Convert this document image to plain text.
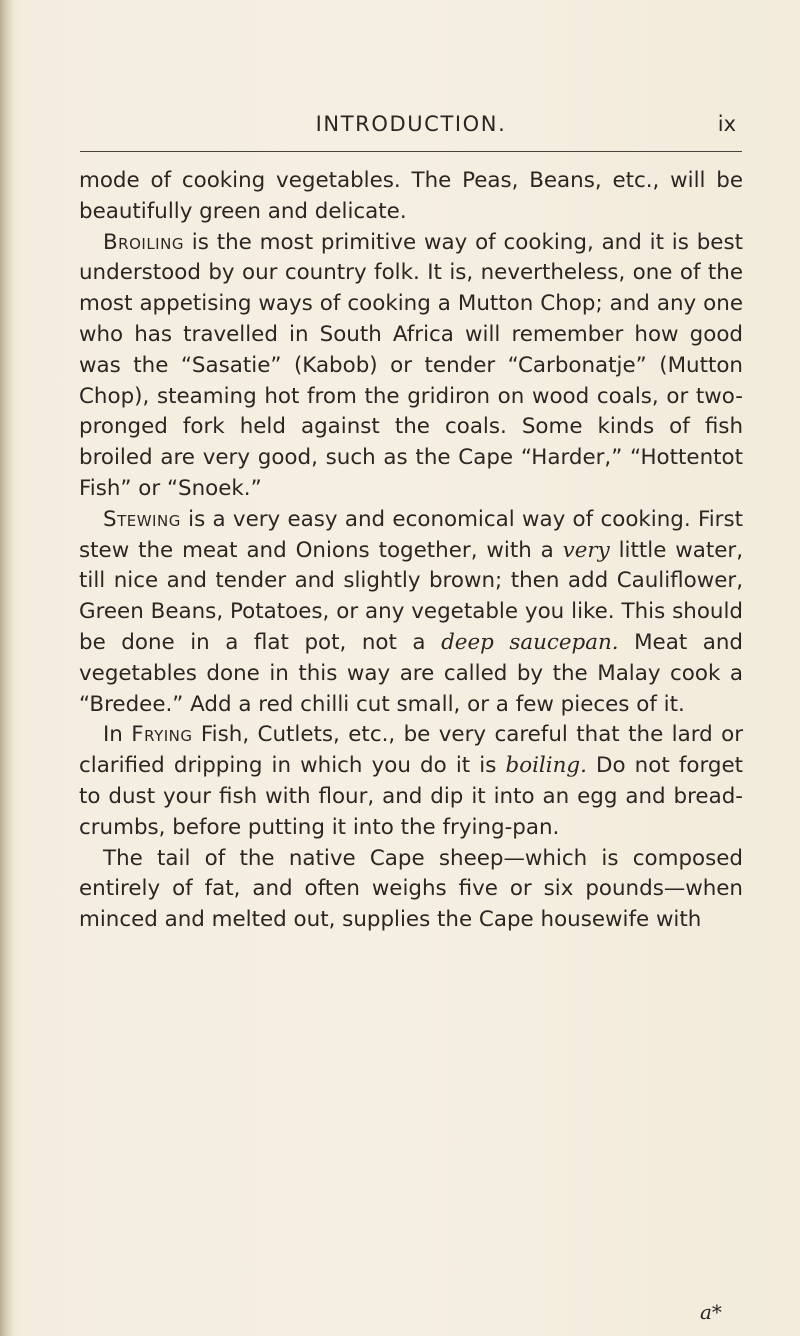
INTRODUCTION.	ix

mode of cooking vegetables. The Peas, Beans, etc., will be beautifully green and delicate.

Broiling is the most primitive way of cooking, and it is best understood by our country folk. It is, nevertheless, one of the most appetising ways of cooking a Mutton Chop; and any one who has travelled in South Africa will remember how good was the “Sasatie” (Kabob) or tender “Carbonatje” (Mutton Chop), steaming hot from the gridiron on wood coals, or two-pronged fork held against the coals. Some kinds of fish broiled are very good, such as the Cape “Harder,” “Hottentot Fish” or “Snoek.”

Stewing is a very easy and economical way of cooking. First stew the meat and Onions together, with a very little water, till nice and tender and slightly brown; then add Cauliflower, Green Beans, Potatoes, or any vegetable you like. This should be done in a flat pot, not a deep saucepan. Meat and vegetables done in this way are called by the Malay cook a “Bredee.” Add a red chilli cut small, or a few pieces of it.

In Frying Fish, Cutlets, etc., be very careful that the lard or clarified dripping in which you do it is boiling. Do not forget to dust your fish with flour, and dip it into an egg and bread-crumbs, before putting it into the frying-pan.

The tail of the native Cape sheep—which is composed entirely of fat, and often weighs five or six pounds—when minced and melted out, supplies the Cape housewife with

a*
